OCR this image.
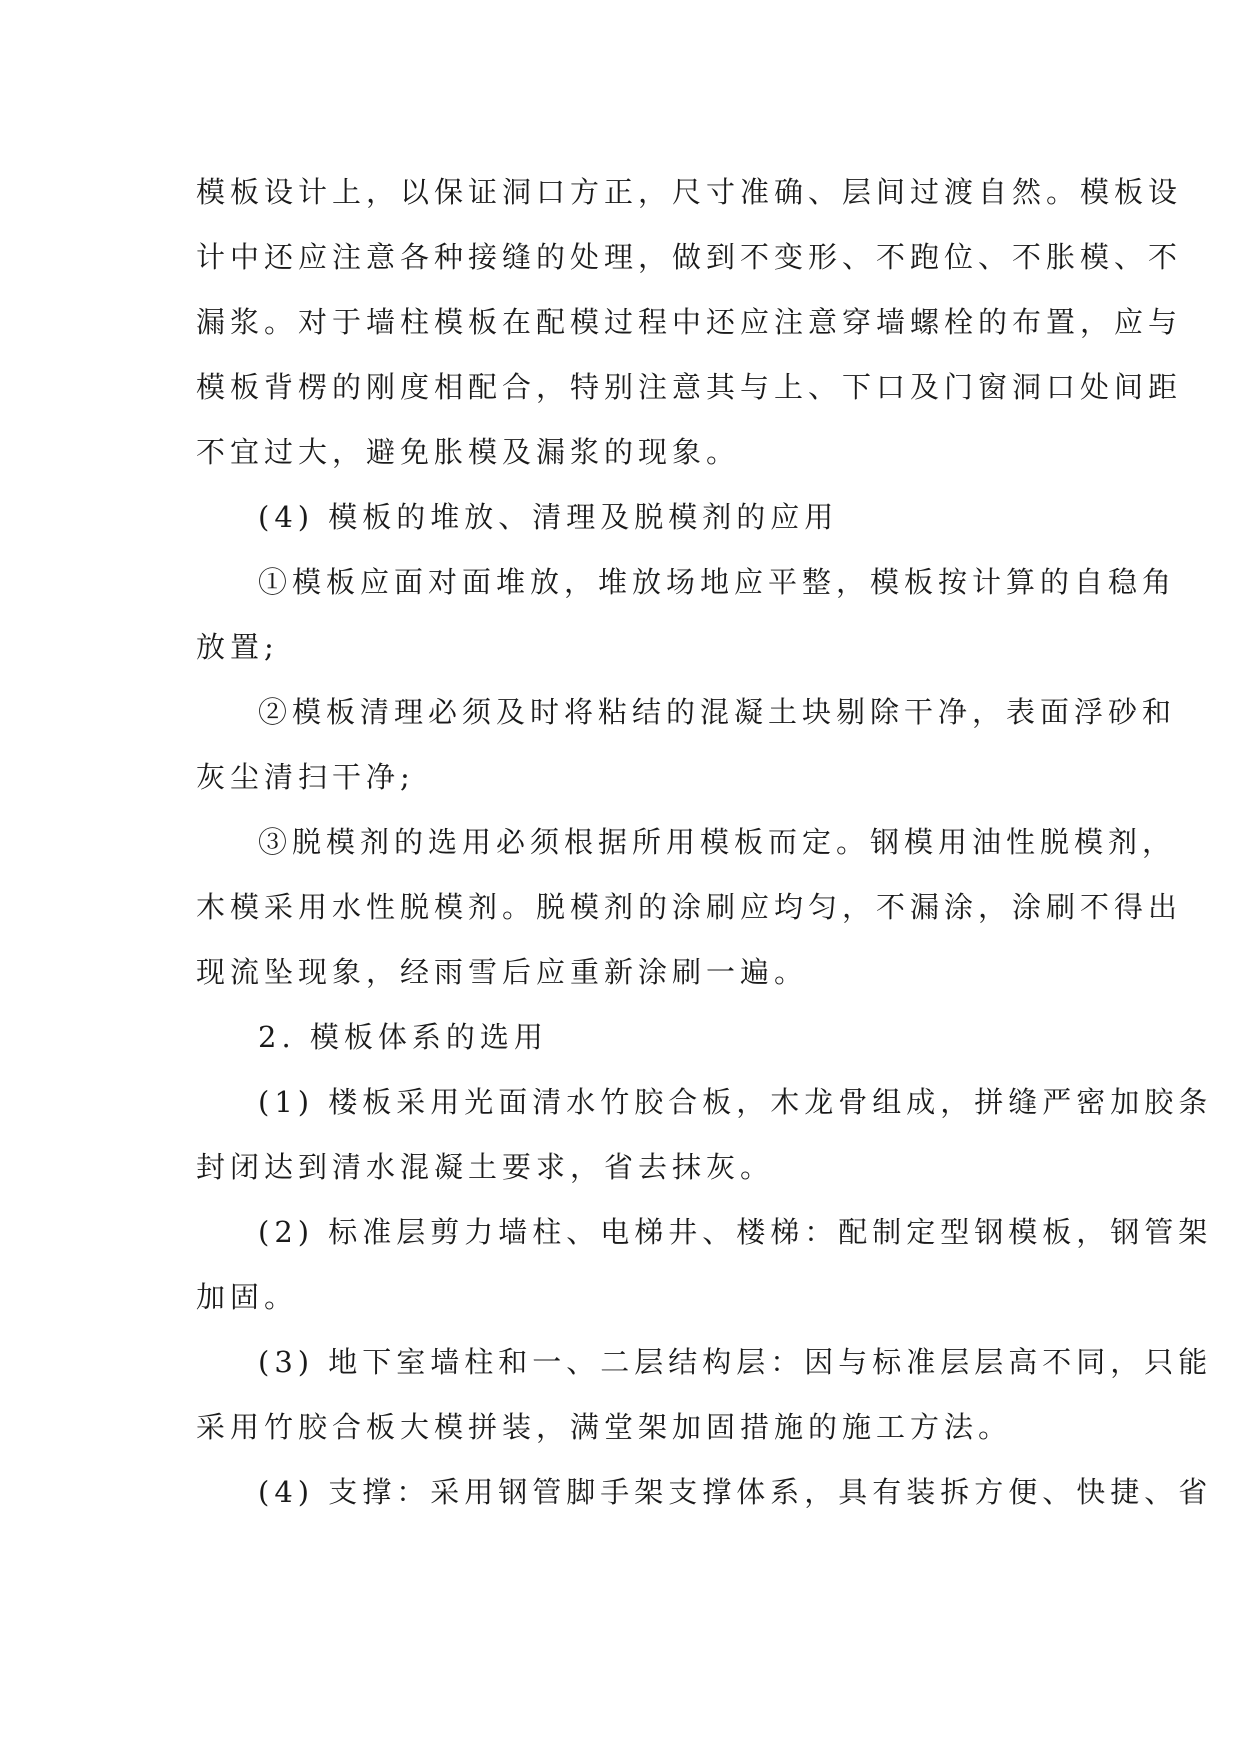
模板设计上，以保证洞口方正，尺寸准确、层间过渡自然。模板设
计中还应注意各种接缝的处理，做到不变形、不跑位、不胀模、不
漏浆。对于墙柱模板在配模过程中还应注意穿墙螺栓的布置，应与
模板背楞的刚度相配合，特别注意其与上、下口及门窗洞口处间距
不宜过大，避免胀模及漏浆的现象。
(4) 模板的堆放、清理及脱模剂的应用
①模板应面对面堆放，堆放场地应平整，模板按计算的自稳角
放置;
②模板清理必须及时将粘结的混凝土块剔除干净，表面浮砂和
灰尘清扫干净;
③脱模剂的选用必须根据所用模板而定。钢模用油性脱模剂，
木模采用水性脱模剂。脱模剂的涂刷应均匀，不漏涂，涂刷不得出
现流坠现象，经雨雪后应重新涂刷一遍。
2. 模板体系的选用
(1) 楼板采用光面清水竹胶合板，木龙骨组成，拼缝严密加胶条
封闭达到清水混凝土要求，省去抹灰。
(2) 标准层剪力墙柱、电梯井、楼梯：配制定型钢模板，钢管架
加固。
(3) 地下室墙柱和一、二层结构层：因与标准层层高不同，只能
采用竹胶合板大模拼装，满堂架加固措施的施工方法。
(4) 支撑：采用钢管脚手架支撑体系，具有装拆方便、快捷、省
